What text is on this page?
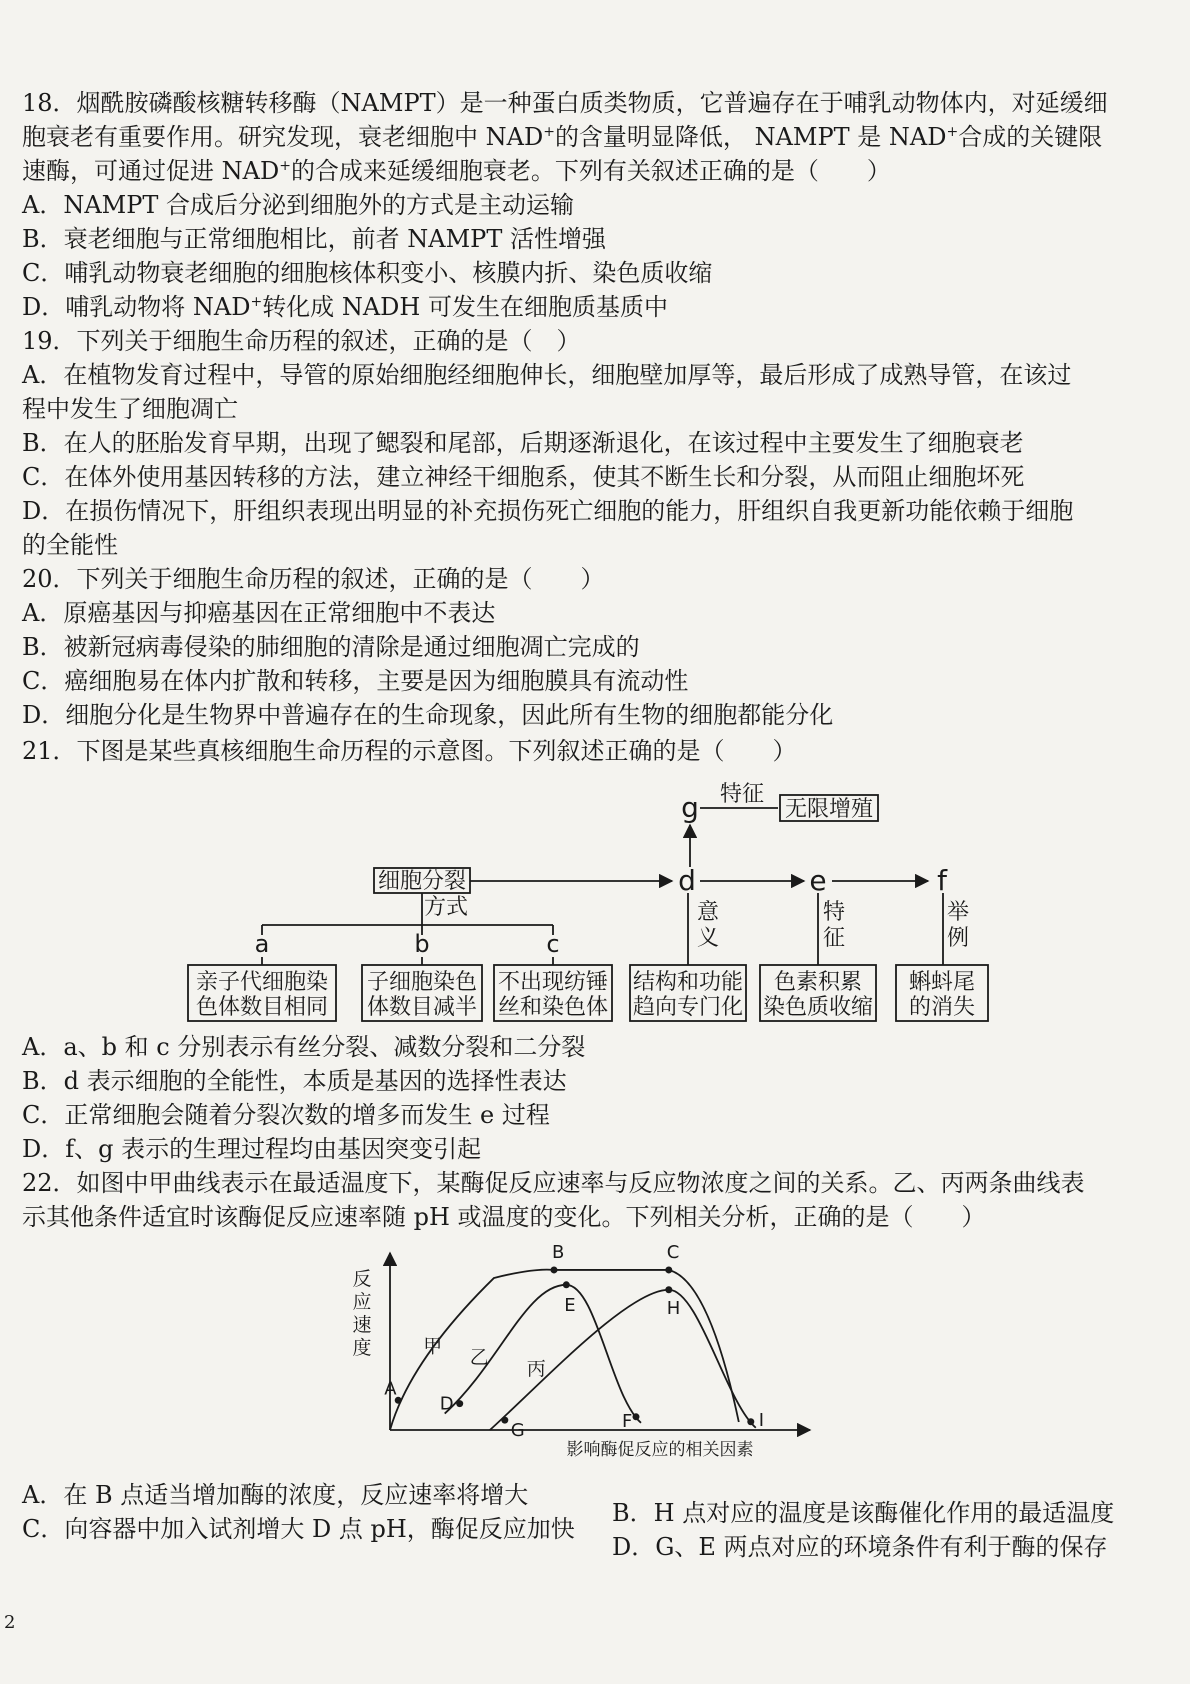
18．烟酰胺磷酸核糖转移酶（NAMPT）是一种蛋白质类物质，它普遍存在于哺乳动物体内，对延缓细
胞衰老有重要作用。研究发现，衰老细胞中 NAD+的含量明显降低， NAMPT 是 NAD+合成的关键限
速酶，可通过促进 NAD+的合成来延缓细胞衰老。下列有关叙述正确的是（　　）
A．NAMPT 合成后分泌到细胞外的方式是主动运输
B．衰老细胞与正常细胞相比，前者 NAMPT 活性增强
C．哺乳动物衰老细胞的细胞核体积变小、核膜内折、染色质收缩
D．哺乳动物将 NAD+转化成 NADH 可发生在细胞质基质中
19．下列关于细胞生命历程的叙述，正确的是（　）
A．在植物发育过程中，导管的原始细胞经细胞伸长，细胞壁加厚等，最后形成了成熟导管，在该过
程中发生了细胞凋亡
B．在人的胚胎发育早期，出现了鳃裂和尾部，后期逐渐退化，在该过程中主要发生了细胞衰老
C．在体外使用基因转移的方法，建立神经干细胞系，使其不断生长和分裂，从而阻止细胞坏死
D．在损伤情况下，肝组织表现出明显的补充损伤死亡细胞的能力，肝组织自我更新功能依赖于细胞
的全能性
20．下列关于细胞生命历程的叙述，正确的是（　　）
A．原癌基因与抑癌基因在正常细胞中不表达
B．被新冠病毒侵染的肺细胞的清除是通过细胞凋亡完成的
C．癌细胞易在体内扩散和转移，主要是因为细胞膜具有流动性
D．细胞分化是生物界中普遍存在的生命现象，因此所有生物的细胞都能分化
21．下图是某些真核细胞生命历程的示意图。下列叙述正确的是（　　）
细胞分裂
方式
a	b	c
d	e	f
g 特征
无限增殖
意
义
特
征
举
例
亲子代细胞染
色体数目相同
子细胞染色
体数目减半
不出现纺锤
丝和染色体
结构和功能
趋向专门化
色素积累
染色质收缩
蝌蚪尾
的消失
A．a、b 和 c 分别表示有丝分裂、减数分裂和二分裂
B．d 表示细胞的全能性，本质是基因的选择性表达
C．正常细胞会随着分裂次数的增多而发生 e 过程
D．f、g 表示的生理过程均由基因突变引起
22．如图中甲曲线表示在最适温度下，某酶促反应速率与反应物浓度之间的关系。乙、丙两条曲线表
示其他条件适宜时该酶促反应速率随 pH 或温度的变化。下列相关分析，正确的是（　　）
反
应
速
度
影响酶促反应的相关因素
甲
A
B	C
乙
D
E
F
丙
G
H
I
A．在 B 点适当增加酶的浓度，反应速率将增大
B．H 点对应的温度是该酶催化作用的最适温度
C．向容器中加入试剂增大 D 点 pH，酶促反应加快
D．G、E 两点对应的环境条件有利于酶的保存
2
